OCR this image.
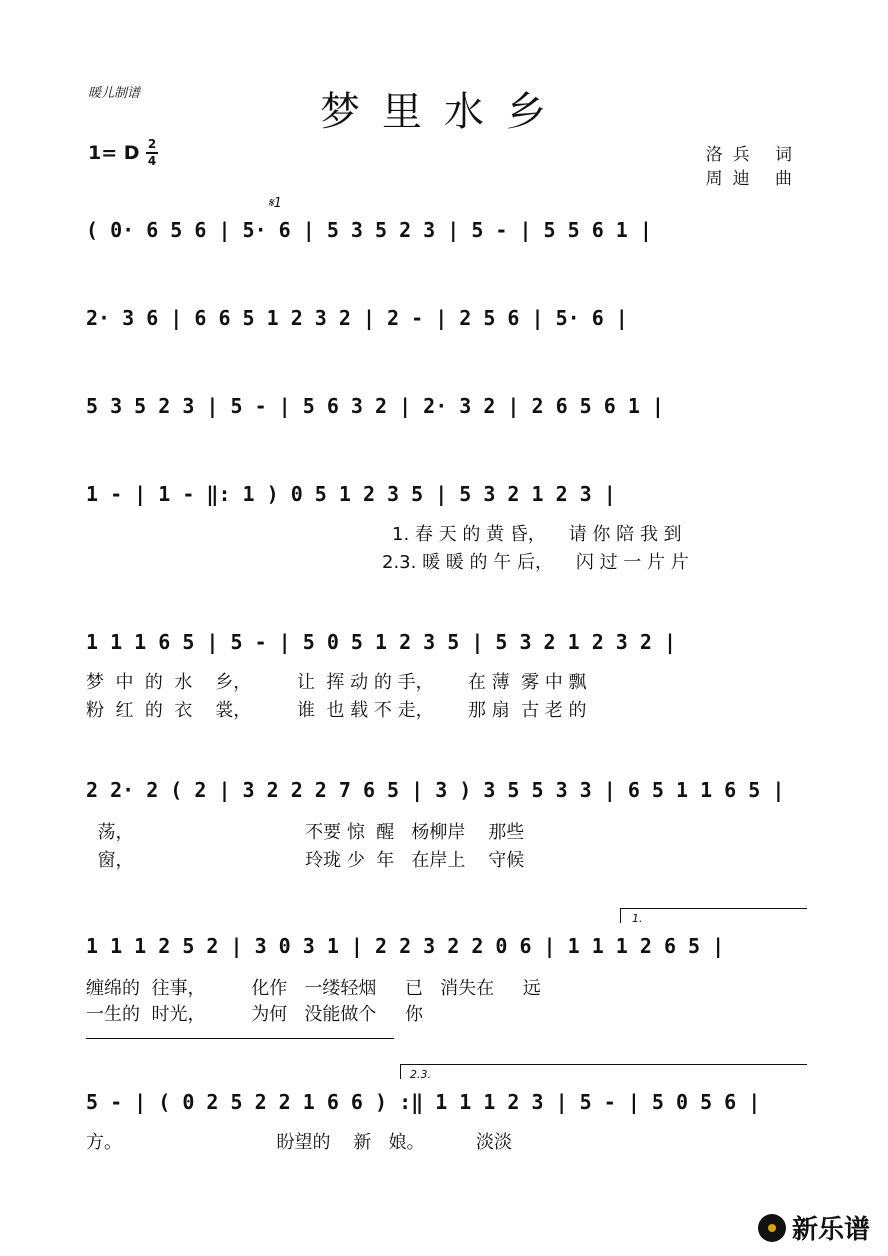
暖儿制谱	梦里水乡
1= D 2
4	洛兵 词
周迪 曲
𝄋1
1.
2.3.
( 0· 6 5 6 | 5· 6 | 5 3 5 2 3 | 5 - | 5 5 6 1 |
2· 3 6 | 6 6 5 1 2 3 2 | 2 - | 2 5 6 | 5· 6 |
5 3 5 2 3 | 5 - | 5 6 3 2 | 2· 3 2 | 2 6 5 6 1 |
1 - | 1 - ‖: 1 ) 0 5 1 2 3 5 | 5 3 2 1 2 3 |
1. 春 天 的 黄 昏，    请 你 陪 我 到
2.3. 暖 暖 的 午 后，    闪 过 一 片 片
1 1 1 6 5 | 5 - | 5 0 5 1 2 3 5 | 5 3 2 1 2 3 2 |
梦  中  的  水    乡，        让  挥 动 的 手，      在 薄  雾 中 飘
粉  红  的  衣    裳，        谁  也 载 不 走，      那 扇  古 老 的
2 2· 2 ( 2 | 3 2 2 2 7 6 5 | 3 ) 3 5 5 3 3 | 6 5 1 1 6 5 |
荡，                              不要 惊  醒   杨柳岸    那些
窗，                              玲珑 少  年   在岸上    守候
1 1 1 2 5 2 | 3 0 3 1 | 2 2 3 2 2 0 6 | 1 1 1 2 6 5 |
缠绵的  往事，        化作   一缕轻烟     已   消失在     远
一生的  时光，        为何   没能做个     你
5 - | ( 0 2 5 2 2 1 6 6 ) :‖ 1 1 1 2 3 | 5 - | 5 0 5 6 |
方。                           盼望的    新   娘。         淡淡
新乐谱
